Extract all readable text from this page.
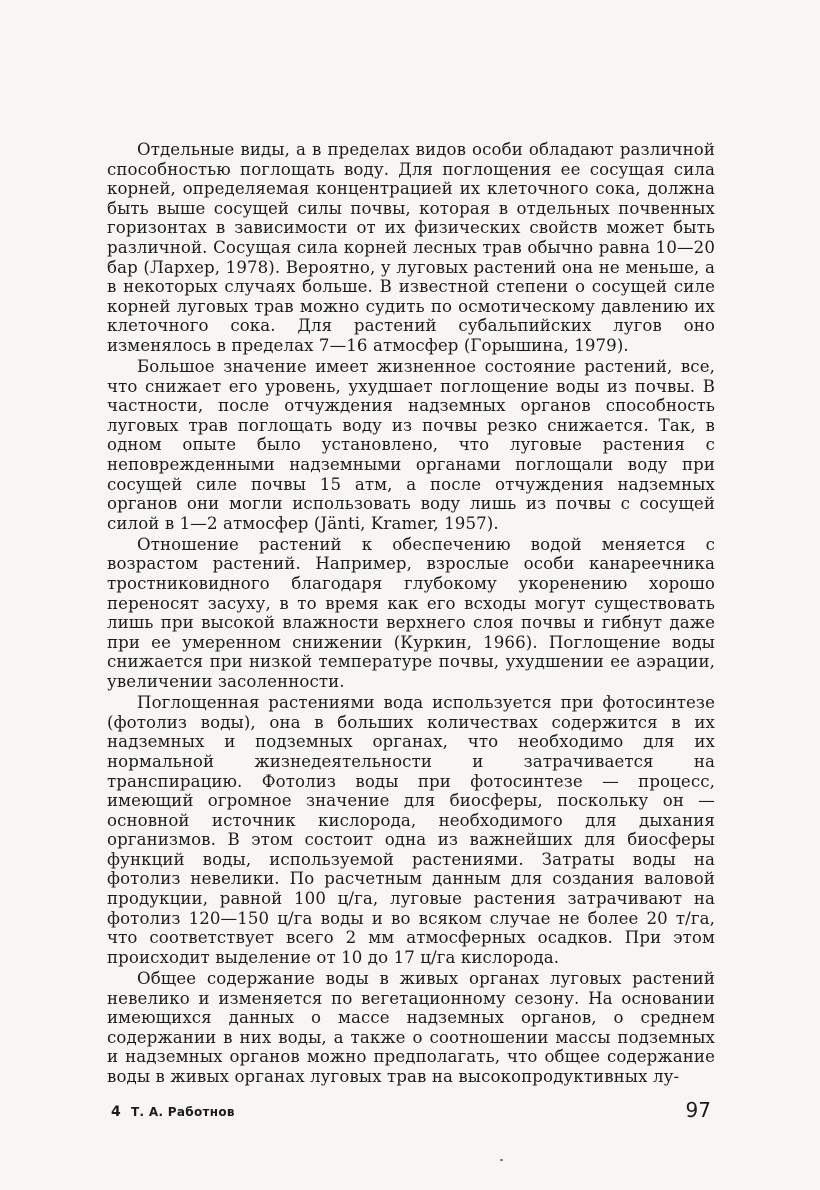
Отдельные виды, а в пределах видов особи обладают различной способностью поглощать воду. Для поглощения ее сосущая сила корней, определяемая концентрацией их клеточного сока, должна быть выше сосущей силы почвы, которая в отдельных почвенных горизонтах в зависимости от их физических свойств может быть различной. Сосущая сила корней лесных трав обычно равна 10—20 бар (Лархер, 1978). Вероятно, у луговых растений она не меньше, а в некоторых случаях больше. В известной степени о сосущей силе корней луговых трав можно судить по осмотическому давлению их клеточного сока. Для растений субальпийских лугов оно изменялось в пределах 7—16 атмосфер (Горышина, 1979).

Большое значение имеет жизненное состояние растений, все, что снижает его уровень, ухудшает поглощение воды из почвы. В частности, после отчуждения надземных органов способность луговых трав поглощать воду из почвы резко снижается. Так, в одном опыте было установлено, что луговые растения с неповрежденными надземными органами поглощали воду при сосущей силе почвы 15 атм, а после отчуждения надземных органов они могли использовать воду лишь из почвы с сосущей силой в 1—2 атмосфер (Jänti, Kramer, 1957).

Отношение растений к обеспечению водой меняется с возрастом растений. Например, взрослые особи канареечника тростниковидного благодаря глубокому укоренению хорошо переносят засуху, в то время как его всходы могут существовать лишь при высокой влажности верхнего слоя почвы и гибнут даже при ее умеренном снижении (Куркин, 1966). Поглощение воды снижается при низкой температуре почвы, ухудшении ее аэрации, увеличении засоленности.

Поглощенная растениями вода используется при фотосинтезе (фотолиз воды), она в больших количествах содержится в их надземных и подземных органах, что необходимо для их нормальной жизнедеятельности и затрачивается на транспирацию. Фотолиз воды при фотосинтезе — процесс, имеющий огромное значение для биосферы, поскольку он — основной источник кислорода, необходимого для дыхания организмов. В этом состоит одна из важнейших для биосферы функций воды, используемой растениями. Затраты воды на фотолиз невелики. По расчетным данным для создания валовой продукции, равной 100 ц/га, луговые растения затрачивают на фотолиз 120—150 ц/га воды и во всяком случае не более 20 т/га, что соответствует всего 2 мм атмосферных осадков. При этом происходит выделение от 10 до 17 ц/га кислорода.

Общее содержание воды в живых органах луговых растений невелико и изменяется по вегетационному сезону. На основании имеющихся данных о массе надземных органов, о среднем содержании в них воды, а также о соотношении массы подземных и надземных органов можно предполагать, что общее содержание воды в живых органах луговых трав на высокопродуктивных лу-

4 Т. А. Работнов	97
